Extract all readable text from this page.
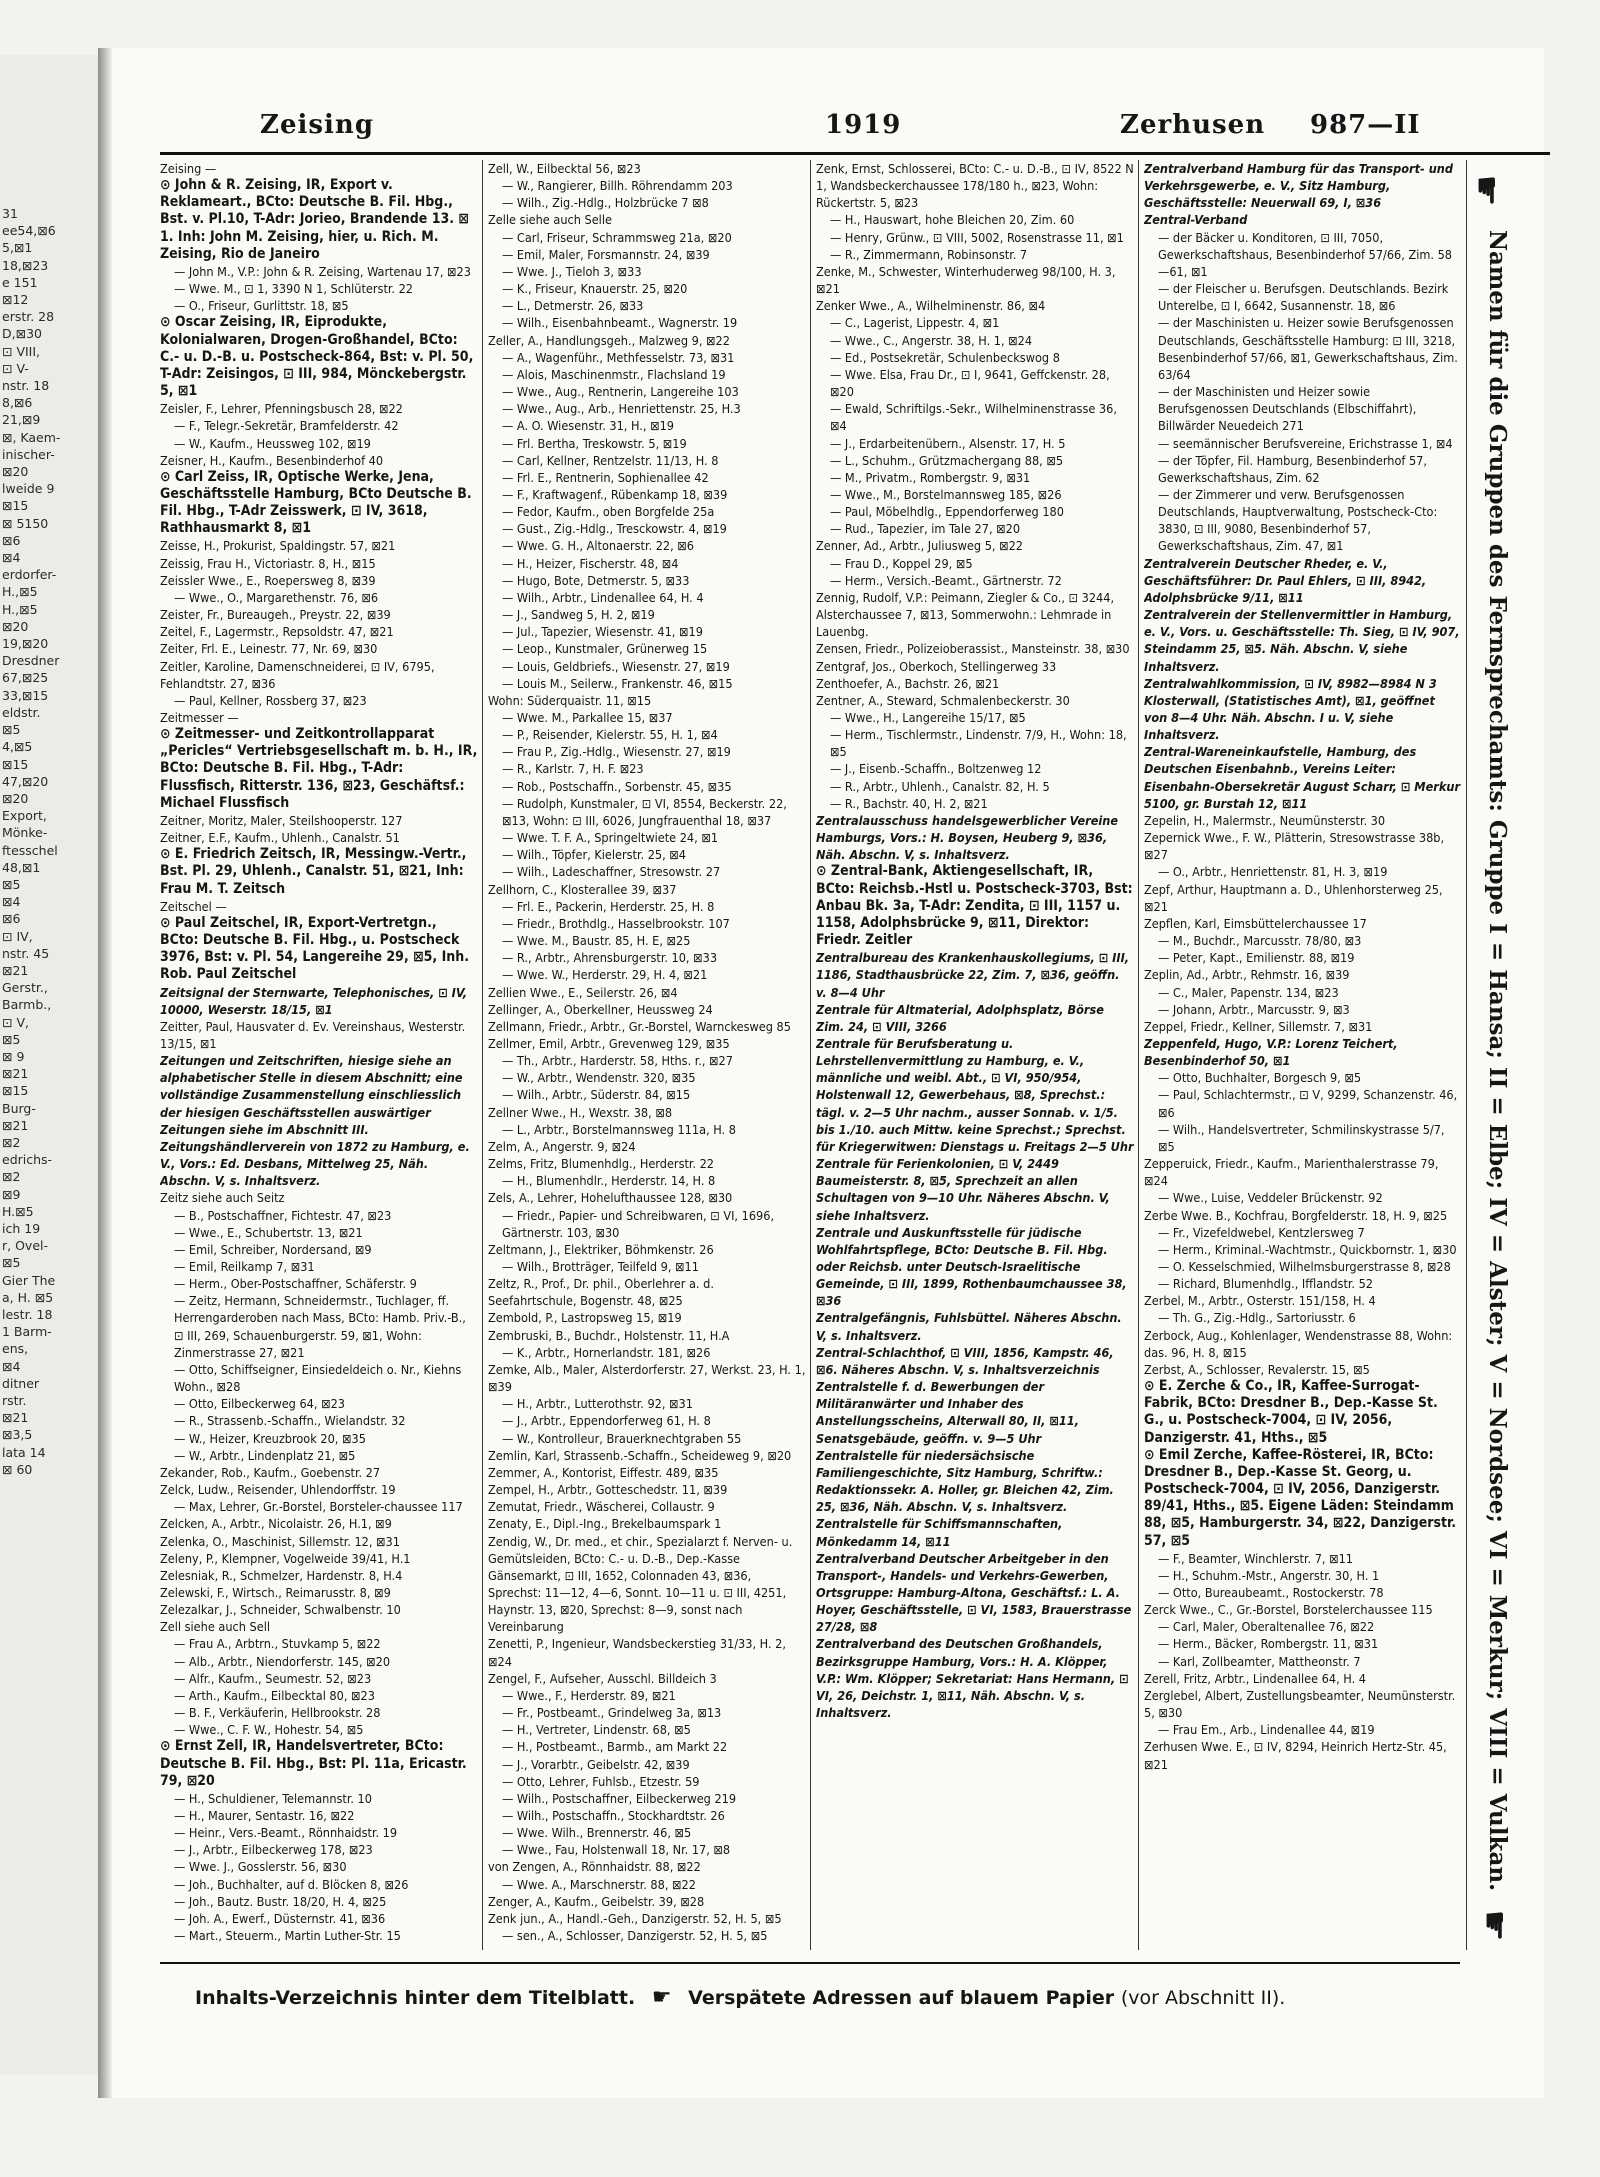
31
ee54,⊠6
5,⊠1
18,⊠23
e 151
⊠12
erstr. 28
D,⊠30
⊡ VIII,
⊡ V-
nstr. 18
8,⊠6
21,⊠9
⊠, Kaem-
inischer-
⊠20
lweide 9
⊠15
⊠ 5150
⊠6
⊠4
erdorfer-
H.,⊠5
H.,⊠5
⊠20
19,⊠20
Dresdner
67,⊠25
33,⊠15
eldstr.
⊠5
4,⊠5
⊠15
47,⊠20
⊠20
Export,
Mönke-
ftesschel
48,⊠1
⊠5
⊠4
⊠6
⊡ IV,
nstr. 45
⊠21
Gerstr.,
Barmb.,
⊡ V,
⊠5
⊠ 9
⊠21
⊠15
Burg-
⊠21
⊠2
edrichs-
⊠2
⊠9
H.⊠5
ich 19
r, Ovel-
⊠5
Gier The
a, H. ⊠5
lestr. 18
1 Barm-
ens,
⊠4
ditner
rstr.
⊠21
⊠3,5
lata 14
⊠ 60
Zeising	1919	Zerhusen 987—II
Zeising —
⊙ John & R. Zeising, IR, Export v. Reklameart., BCto: Deutsche B. Fil. Hbg., Bst. v. Pl.10, T-Adr: Jorieo, Brandende 13. ⊠ 1. Inh: John M. Zeising, hier, u. Rich. M. Zeising, Rio de Janeiro
— John M., V.P.: John & R. Zeising, Wartenau 17, ⊠23
— Wwe. M., ⊡ 1, 3390 N 1, Schlüterstr. 22
— O., Friseur, Gurlittstr. 18, ⊠5
⊙ Oscar Zeising, IR, Eiprodukte, Kolonialwaren, Drogen-Großhandel, BCto: C.- u. D.-B. u. Postscheck-864, Bst: v. Pl. 50, T-Adr: Zeisingos, ⊡ III, 984, Mönckebergstr. 5, ⊠1
Zeisler, F., Lehrer, Pfenningsbusch 28, ⊠22
— F., Telegr.-Sekretär, Bramfelderstr. 42
— W., Kaufm., Heussweg 102, ⊠19
Zeisner, H., Kaufm., Besenbinderhof 40
⊙ Carl Zeiss, IR, Optische Werke, Jena, Geschäftsstelle Hamburg, BCto Deutsche B. Fil. Hbg., T-Adr Zeisswerk, ⊡ IV, 3618, Rathhausmarkt 8, ⊠1
Zeisse, H., Prokurist, Spaldingstr. 57, ⊠21
Zeissig, Frau H., Victoriastr. 8, H., ⊠15
Zeissler Wwe., E., Roepersweg 8, ⊠39
— Wwe., O., Margarethenstr. 76, ⊠6
Zeister, Fr., Bureaugeh., Preystr. 22, ⊠39
Zeitel, F., Lagermstr., Repsoldstr. 47, ⊠21
Zeiter, Frl. E., Leinestr. 77, Nr. 69, ⊠30
Zeitler, Karoline, Damenschneiderei, ⊡ IV, 6795, Fehlandtstr. 27, ⊠36
— Paul, Kellner, Rossberg 37, ⊠23
Zeitmesser —
⊙ Zeitmesser- und Zeitkontrollapparat „Pericles“ Vertriebsgesellschaft m. b. H., IR, BCto: Deutsche B. Fil. Hbg., T-Adr: Flussfisch, Ritterstr. 136, ⊠23, Geschäftsf.: Michael Flussfisch
Zeitner, Moritz, Maler, Steilshooperstr. 127
Zeitner, E.F., Kaufm., Uhlenh., Canalstr. 51
⊙ E. Friedrich Zeitsch, IR, Messingw.-Vertr., Bst. Pl. 29, Uhlenh., Canalstr. 51, ⊠21, Inh: Frau M. T. Zeitsch
Zeitschel —
⊙ Paul Zeitschel, IR, Export-Vertretgn., BCto: Deutsche B. Fil. Hbg., u. Postscheck 3976, Bst: v. Pl. 54, Langereihe 29, ⊠5, Inh. Rob. Paul Zeitschel
Zeitsignal der Sternwarte, Telephonisches, ⊡ IV, 10000, Weserstr. 18/15, ⊠1
Zeitter, Paul, Hausvater d. Ev. Vereinshaus, Westerstr. 13/15, ⊠1
Zeitungen und Zeitschriften, hiesige siehe an alphabetischer Stelle in diesem Abschnitt; eine vollständige Zusammenstellung einschliesslich der hiesigen Geschäftsstellen auswärtiger Zeitungen siehe im Abschnitt III.
Zeitungshändlerverein von 1872 zu Hamburg, e. V., Vors.: Ed. Desbans, Mittelweg 25, Näh. Abschn. V, s. Inhaltsverz.
Zeitz siehe auch Seitz
— B., Postschaffner, Fichtestr. 47, ⊠23
— Wwe., E., Schubertstr. 13, ⊠21
— Emil, Schreiber, Nordersand, ⊠9
— Emil, Reilkamp 7, ⊠31
— Herm., Ober-Postschaffner, Schäferstr. 9
— Zeitz, Hermann, Schneidermstr., Tuchlager, ff. Herrengarderoben nach Mass, BCto: Hamb. Priv.-B., ⊡ III, 269, Schauenburgerstr. 59, ⊠1, Wohn: Zinmerstrasse 27, ⊠21
— Otto, Schiffseigner, Einsiedeldeich o. Nr., Kiehns Wohn., ⊠28
— Otto, Eilbeckerweg 64, ⊠23
— R., Strassenb.-Schaffn., Wielandstr. 32
— W., Heizer, Kreuzbrook 20, ⊠35
— W., Arbtr., Lindenplatz 21, ⊠5
Zekander, Rob., Kaufm., Goebenstr. 27
Zelck, Ludw., Reisender, Uhlendorffstr. 19
— Max, Lehrer, Gr.-Borstel, Borsteler-chaussee 117
Zelcken, A., Arbtr., Nicolaistr. 26, H.1, ⊠9
Zelenka, O., Maschinist, Sillemstr. 12, ⊠31
Zeleny, P., Klempner, Vogelweide 39/41, H.1
Zelesniak, R., Schmelzer, Hardenstr. 8, H.4
Zelewski, F., Wirtsch., Reimarusstr. 8, ⊠9
Zelezalkar, J., Schneider, Schwalbenstr. 10
Zell siehe auch Sell
— Frau A., Arbtrn., Stuvkamp 5, ⊠22
— Alb., Arbtr., Niendorferstr. 145, ⊠20
— Alfr., Kaufm., Seumestr. 52, ⊠23
— Arth., Kaufm., Eilbecktal 80, ⊠23
— B. F., Verkäuferin, Hellbrookstr. 28
— Wwe., C. F. W., Hohestr. 54, ⊠5
⊙ Ernst Zell, IR, Handelsvertreter, BCto: Deutsche B. Fil. Hbg., Bst: Pl. 11a, Ericastr. 79, ⊠20
— H., Schuldiener, Telemannstr. 10
— H., Maurer, Sentastr. 16, ⊠22
— Heinr., Vers.-Beamt., Rönnhaidstr. 19
— J., Arbtr., Eilbeckerweg 178, ⊠23
— Wwe. J., Gosslerstr. 56, ⊠30
— Joh., Buchhalter, auf d. Blöcken 8, ⊠26
— Joh., Bautz. Bustr. 18/20, H. 4, ⊠25
— Joh. A., Ewerf., Düsternstr. 41, ⊠36
— Mart., Steuerm., Martin Luther-Str. 15
Zell, W., Eilbecktal 56, ⊠23
— W., Rangierer, Billh. Röhrendamm 203
— Wilh., Zig.-Hdlg., Holzbrücke 7 ⊠8
Zelle siehe auch Selle
— Carl, Friseur, Schrammsweg 21a, ⊠20
— Emil, Maler, Forsmannstr. 24, ⊠39
— Wwe. J., Tieloh 3, ⊠33
— K., Friseur, Knauerstr. 25, ⊠20
— L., Detmerstr. 26, ⊠33
— Wilh., Eisenbahnbeamt., Wagnerstr. 19
Zeller, A., Handlungsgeh., Malzweg 9, ⊠22
— A., Wagenführ., Methfesselstr. 73, ⊠31
— Alois, Maschinenmstr., Flachsland 19
— Wwe., Aug., Rentnerin, Langereihe 103
— Wwe., Aug., Arb., Henriettenstr. 25, H.3
— A. O. Wiesenstr. 31, H., ⊠19
— Frl. Bertha, Treskowstr. 5, ⊠19
— Carl, Kellner, Rentzelstr. 11/13, H. 8
— Frl. E., Rentnerin, Sophienallee 42
— F., Kraftwagenf., Rübenkamp 18, ⊠39
— Fedor, Kaufm., oben Borgfelde 25a
— Gust., Zig.-Hdlg., Tresckowstr. 4, ⊠19
— Wwe. G. H., Altonaerstr. 22, ⊠6
— H., Heizer, Fischerstr. 48, ⊠4
— Hugo, Bote, Detmerstr. 5, ⊠33
— Wilh., Arbtr., Lindenallee 64, H. 4
— J., Sandweg 5, H. 2, ⊠19
— Jul., Tapezier, Wiesenstr. 41, ⊠19
— Leop., Kunstmaler, Grünerweg 15
— Louis, Geldbriefs., Wiesenstr. 27, ⊠19
— Louis M., Seilerw., Frankenstr. 46, ⊠15
Wohn: Süderquaistr. 11, ⊠15
— Wwe. M., Parkallee 15, ⊠37
— P., Reisender, Kielerstr. 55, H. 1, ⊠4
— Frau P., Zig.-Hdlg., Wiesenstr. 27, ⊠19
— R., Karlstr. 7, H. F. ⊠23
— Rob., Postschaffn., Sorbenstr. 45, ⊠35
— Rudolph, Kunstmaler, ⊡ VI, 8554, Beckerstr. 22, ⊠13, Wohn: ⊡ III, 6026, Jungfrauenthal 18, ⊠37
— Wwe. T. F. A., Springeltwiete 24, ⊠1
— Wilh., Töpfer, Kielerstr. 25, ⊠4
— Wilh., Ladeschaffner, Stresowstr. 27
Zellhorn, C., Klosterallee 39, ⊠37
— Frl. E., Packerin, Herderstr. 25, H. 8
— Friedr., Brothdlg., Hasselbrookstr. 107
— Wwe. M., Baustr. 85, H. E, ⊠25
— R., Arbtr., Ahrensburgerstr. 10, ⊠33
— Wwe. W., Herderstr. 29, H. 4, ⊠21
Zellien Wwe., E., Seilerstr. 26, ⊠4
Zellinger, A., Oberkellner, Heussweg 24
Zellmann, Friedr., Arbtr., Gr.-Borstel, Warnckesweg 85
Zellmer, Emil, Arbtr., Grevenweg 129, ⊠35
— Th., Arbtr., Harderstr. 58, Hths. r., ⊠27
— W., Arbtr., Wendenstr. 320, ⊠35
— Wilh., Arbtr., Süderstr. 84, ⊠15
Zellner Wwe., H., Wexstr. 38, ⊠8
— L., Arbtr., Borstelmannsweg 111a, H. 8
Zelm, A., Angerstr. 9, ⊠24
Zelms, Fritz, Blumenhdlg., Herderstr. 22
— H., Blumenhdlr., Herderstr. 14, H. 8
Zels, A., Lehrer, Hohelufthaussee 128, ⊠30
— Friedr., Papier- und Schreibwaren, ⊡ VI, 1696, Gärtnerstr. 103, ⊠30
Zeltmann, J., Elektriker, Böhmkenstr. 26
— Wilh., Brotträger, Teilfeld 9, ⊠11
Zeltz, R., Prof., Dr. phil., Oberlehrer a. d. Seefahrtschule, Bogenstr. 48, ⊠25
Zembold, P., Lastropsweg 15, ⊠19
Zembruski, B., Buchdr., Holstenstr. 11, H.A
— K., Arbtr., Hornerlandstr. 181, ⊠26
Zemke, Alb., Maler, Alsterdorferstr. 27, Werkst. 23, H. 1, ⊠39
— H., Arbtr., Lutterothstr. 92, ⊠31
— J., Arbtr., Eppendorferweg 61, H. 8
— W., Kontrolleur, Brauerknechtgraben 55
Zemlin, Karl, Strassenb.-Schaffn., Scheideweg 9, ⊠20
Zemmer, A., Kontorist, Eiffestr. 489, ⊠35
Zempel, H., Arbtr., Gotteschedstr. 11, ⊠39
Zemutat, Friedr., Wäscherei, Collaustr. 9
Zenaty, E., Dipl.-Ing., Brekelbaumspark 1
Zendig, W., Dr. med., et chir., Spezialarzt f. Nerven- u. Gemütsleiden, BCto: C.- u. D.-B., Dep.-Kasse Gänsemarkt, ⊡ III, 1652, Colonnaden 43, ⊠36, Sprechst: 11—12, 4—6, Sonnt. 10—11 u. ⊡ III, 4251, Haynstr. 13, ⊠20, Sprechst: 8—9, sonst nach Vereinbarung
Zenetti, P., Ingenieur, Wandsbeckerstieg 31/33, H. 2, ⊠24
Zengel, F., Aufseher, Ausschl. Billdeich 3
— Wwe., F., Herderstr. 89, ⊠21
— Fr., Postbeamt., Grindelweg 3a, ⊠13
— H., Vertreter, Lindenstr. 68, ⊠5
— H., Postbeamt., Barmb., am Markt 22
— J., Vorarbtr., Geibelstr. 42, ⊠39
— Otto, Lehrer, Fuhlsb., Etzestr. 59
— Wilh., Postschaffner, Eilbeckerweg 219
— Wilh., Postschaffn., Stockhardtstr. 26
— Wwe. Wilh., Brennerstr. 46, ⊠5
— Wwe., Fau, Holstenwall 18, Nr. 17, ⊠8
von Zengen, A., Rönnhaidstr. 88, ⊠22
— Wwe. A., Marschnerstr. 88, ⊠22
Zenger, A., Kaufm., Geibelstr. 39, ⊠28
Zenk jun., A., Handl.-Geh., Danzigerstr. 52, H. 5, ⊠5
— sen., A., Schlosser, Danzigerstr. 52, H. 5, ⊠5
Zenk, Ernst, Schlosserei, BCto: C.- u. D.-B., ⊡ IV, 8522 N 1, Wandsbeckerchaussee 178/180 h., ⊠23, Wohn: Rückertstr. 5, ⊠23
— H., Hauswart, hohe Bleichen 20, Zim. 60
— Henry, Grünw., ⊡ VIII, 5002, Rosenstrasse 11, ⊠1
— R., Zimmermann, Robinsonstr. 7
Zenke, M., Schwester, Winterhuderweg 98/100, H. 3, ⊠21
Zenker Wwe., A., Wilhelminenstr. 86, ⊠4
— C., Lagerist, Lippestr. 4, ⊠1
— Wwe., C., Angerstr. 38, H. 1, ⊠24
— Ed., Postsekretär, Schulenbeckswog 8
— Wwe. Elsa, Frau Dr., ⊡ I, 9641, Geffckenstr. 28, ⊠20
— Ewald, Schriftilgs.-Sekr., Wilhelminenstrasse 36, ⊠4
— J., Erdarbeitenübern., Alsenstr. 17, H. 5
— L., Schuhm., Grützmachergang 88, ⊠5
— M., Privatm., Rombergstr. 9, ⊠31
— Wwe., M., Borstelmannsweg 185, ⊠26
— Paul, Möbelhdlg., Eppendorferweg 180
— Rud., Tapezier, im Tale 27, ⊠20
Zenner, Ad., Arbtr., Juliusweg 5, ⊠22
— Frau D., Koppel 29, ⊠5
— Herm., Versich.-Beamt., Gärtnerstr. 72
Zennig, Rudolf, V.P.: Peimann, Ziegler & Co., ⊡ 3244, Alsterchaussee 7, ⊠13, Sommerwohn.: Lehmrade in Lauenbg.
Zensen, Friedr., Polizeioberassist., Mansteinstr. 38, ⊠30
Zentgraf, Jos., Oberkoch, Stellingerweg 33
Zenthoefer, A., Bachstr. 26, ⊠21
Zentner, A., Steward, Schmalenbeckerstr. 30
— Wwe., H., Langereihe 15/17, ⊠5
— Herm., Tischlermstr., Lindenstr. 7/9, H., Wohn: 18, ⊠5
— J., Eisenb.-Schaffn., Boltzenweg 12
— R., Arbtr., Uhlenh., Canalstr. 82, H. 5
— R., Bachstr. 40, H. 2, ⊠21
Zentralausschuss handelsgewerblicher Vereine Hamburgs, Vors.: H. Boysen, Heuberg 9, ⊠36, Näh. Abschn. V, s. Inhaltsverz.
⊙ Zentral-Bank, Aktiengesellschaft, IR, BCto: Reichsb.-Hstl u. Postscheck-3703, Bst: Anbau Bk. 3a, T-Adr: Zendita, ⊡ III, 1157 u. 1158, Adolphsbrücke 9, ⊠11, Direktor: Friedr. Zeitler
Zentralbureau des Krankenhauskollegiums, ⊡ III, 1186, Stadthausbrücke 22, Zim. 7, ⊠36, geöffn. v. 8—4 Uhr
Zentrale für Altmaterial, Adolphsplatz, Börse Zim. 24, ⊡ VIII, 3266
Zentrale für Berufsberatung u. Lehrstellenvermittlung zu Hamburg, e. V., männliche und weibl. Abt., ⊡ VI, 950/954, Holstenwall 12, Gewerbehaus, ⊠8, Sprechst.: tägl. v. 2—5 Uhr nachm., ausser Sonnab. v. 1/5. bis 1./10. auch Mittw. keine Sprechst.; Sprechst. für Kriegerwitwen: Dienstags u. Freitags 2—5 Uhr
Zentrale für Ferienkolonien, ⊡ V, 2449 Baumeisterstr. 8, ⊠5, Sprechzeit an allen Schultagen von 9—10 Uhr. Näheres Abschn. V, siehe Inhaltsverz.
Zentrale und Auskunftsstelle für jüdische Wohlfahrtspflege, BCto: Deutsche B. Fil. Hbg. oder Reichsb. unter Deutsch-Israelitische Gemeinde, ⊡ III, 1899, Rothenbaumchaussee 38, ⊠36
Zentralgefängnis, Fuhlsbüttel. Näheres Abschn. V, s. Inhaltsverz.
Zentral-Schlachthof, ⊡ VIII, 1856, Kampstr. 46, ⊠6. Näheres Abschn. V, s. Inhaltsverzeichnis
Zentralstelle f. d. Bewerbungen der Militäranwärter und Inhaber des Anstellungsscheins, Alterwall 80, II, ⊠11, Senatsgebäude, geöffn. v. 9—5 Uhr
Zentralstelle für niedersächsische Familiengeschichte, Sitz Hamburg, Schriftw.: Redaktionssekr. A. Holler, gr. Bleichen 42, Zim. 25, ⊠36, Näh. Abschn. V, s. Inhaltsverz.
Zentralstelle für Schiffsmannschaften, Mönkedamm 14, ⊠11
Zentralverband Deutscher Arbeitgeber in den Transport-, Handels- und Verkehrs-Gewerben, Ortsgruppe: Hamburg-Altona, Geschäftsf.: L. A. Hoyer, Geschäftsstelle, ⊡ VI, 1583, Brauerstrasse 27/28, ⊠8
Zentralverband des Deutschen Großhandels, Bezirksgruppe Hamburg, Vors.: H. A. Klöpper, V.P.: Wm. Klöpper; Sekretariat: Hans Hermann, ⊡ VI, 26, Deichstr. 1, ⊠11, Näh. Abschn. V, s. Inhaltsverz.
Zentralverband Hamburg für das Transport- und Verkehrsgewerbe, e. V., Sitz Hamburg, Geschäftsstelle: Neuerwall 69, I, ⊠36
Zentral-Verband
— der Bäcker u. Konditoren, ⊡ III, 7050, Gewerkschaftshaus, Besenbinderhof 57/66, Zim. 58—61, ⊠1
— der Fleischer u. Berufsgen. Deutschlands. Bezirk Unterelbe, ⊡ I, 6642, Susannenstr. 18, ⊠6
— der Maschinisten u. Heizer sowie Berufsgenossen Deutschlands, Geschäftsstelle Hamburg: ⊡ III, 3218, Besenbinderhof 57/66, ⊠1, Gewerkschaftshaus, Zim. 63/64
— der Maschinisten und Heizer sowie Berufsgenossen Deutschlands (Elbschiffahrt), Billwärder Neuedeich 271
— seemännischer Berufsvereine, Erichstrasse 1, ⊠4
— der Töpfer, Fil. Hamburg, Besenbinderhof 57, Gewerkschaftshaus, Zim. 62
— der Zimmerer und verw. Berufsgenossen Deutschlands, Hauptverwaltung, Postscheck-Cto: 3830, ⊡ III, 9080, Besenbinderhof 57, Gewerkschaftshaus, Zim. 47, ⊠1
Zentralverein Deutscher Rheder, e. V., Geschäftsführer: Dr. Paul Ehlers, ⊡ III, 8942, Adolphsbrücke 9/11, ⊠11
Zentralverein der Stellenvermittler in Hamburg, e. V., Vors. u. Geschäftsstelle: Th. Sieg, ⊡ IV, 907, Steindamm 25, ⊠5. Näh. Abschn. V, siehe Inhaltsverz.
Zentralwahlkommission, ⊡ IV, 8982—8984 N 3 Klosterwall, (Statistisches Amt), ⊠1, geöffnet von 8—4 Uhr. Näh. Abschn. I u. V, siehe Inhaltsverz.
Zentral-Wareneinkaufstelle, Hamburg, des Deutschen Eisenbahnb., Vereins Leiter: Eisenbahn-Obersekretär August Scharr, ⊡ Merkur 5100, gr. Burstah 12, ⊠11
Zepelin, H., Malermstr., Neumünsterstr. 30
Zepernick Wwe., F. W., Plätterin, Stresowstrasse 38b, ⊠27
— O., Arbtr., Henriettenstr. 81, H. 3, ⊠19
Zepf, Arthur, Hauptmann a. D., Uhlenhorsterweg 25, ⊠21
Zepflen, Karl, Eimsbüttelerchaussee 17
— M., Buchdr., Marcusstr. 78/80, ⊠3
— Peter, Kapt., Emilienstr. 88, ⊠19
Zeplin, Ad., Arbtr., Rehmstr. 16, ⊠39
— C., Maler, Papenstr. 134, ⊠23
— Johann, Arbtr., Marcusstr. 9, ⊠3
Zeppel, Friedr., Kellner, Sillemstr. 7, ⊠31
Zeppenfeld, Hugo, V.P.: Lorenz Teichert, Besenbinderhof 50, ⊠1
— Otto, Buchhalter, Borgesch 9, ⊠5
— Paul, Schlachtermstr., ⊡ V, 9299, Schanzenstr. 46, ⊠6
— Wilh., Handelsvertreter, Schmilinskystrasse 5/7, ⊠5
Zepperuick, Friedr., Kaufm., Marienthalerstrasse 79, ⊠24
— Wwe., Luise, Veddeler Brückenstr. 92
Zerbe Wwe. B., Kochfrau, Borgfelderstr. 18, H. 9, ⊠25
— Fr., Vizefeldwebel, Kentzlersweg 7
— Herm., Kriminal.-Wachtmstr., Quickbornstr. 1, ⊠30
— O. Kesselschmied, Wilhelmsburgerstrasse 8, ⊠28
— Richard, Blumenhdlg., Ifflandstr. 52
Zerbel, M., Arbtr., Osterstr. 151/158, H. 4
— Th. G., Zig.-Hdlg., Sartoriusstr. 6
Zerbock, Aug., Kohlenlager, Wendenstrasse 88, Wohn: das. 96, H. 8, ⊠15
Zerbst, A., Schlosser, Revalerstr. 15, ⊠5
⊙ E. Zerche & Co., IR, Kaffee-Surrogat-Fabrik, BCto: Dresdner B., Dep.-Kasse St. G., u. Postscheck-7004, ⊡ IV, 2056, Danzigerstr. 41, Hths., ⊠5
⊙ Emil Zerche, Kaffee-Rösterei, IR, BCto: Dresdner B., Dep.-Kasse St. Georg, u. Postscheck-7004, ⊡ IV, 2056, Danzigerstr. 89/41, Hths., ⊠5. Eigene Läden: Steindamm 88, ⊠5, Hamburgerstr. 34, ⊠22, Danzigerstr. 57, ⊠5
— F., Beamter, Winchlerstr. 7, ⊠11
— H., Schuhm.-Mstr., Angerstr. 30, H. 1
— Otto, Bureaubeamt., Rostockerstr. 78
Zerck Wwe., C., Gr.-Borstel, Borstelerchaussee 115
— Carl, Maler, Oberaltenallee 76, ⊠22
— Herm., Bäcker, Rombergstr. 11, ⊠31
— Karl, Zollbeamter, Mattheonstr. 7
Zerell, Fritz, Arbtr., Lindenallee 64, H. 4
Zerglebel, Albert, Zustellungsbeamter, Neumünsterstr. 5, ⊠30
— Frau Em., Arb., Lindenallee 44, ⊠19
Zerhusen Wwe. E., ⊡ IV, 8294, Heinrich Hertz-Str. 45, ⊠21
☛
Namen für die Gruppen des Fernsprechamts: Gruppe I = Hansa; II = Elbe; IV = Alster; V = Nordsee; VI = Merkur; VIII = Vulkan.
☛
Inhalts-Verzeichnis hinter dem Titelblatt. ☛ Verspätete Adressen auf blauem Papier (vor Abschnitt II).
